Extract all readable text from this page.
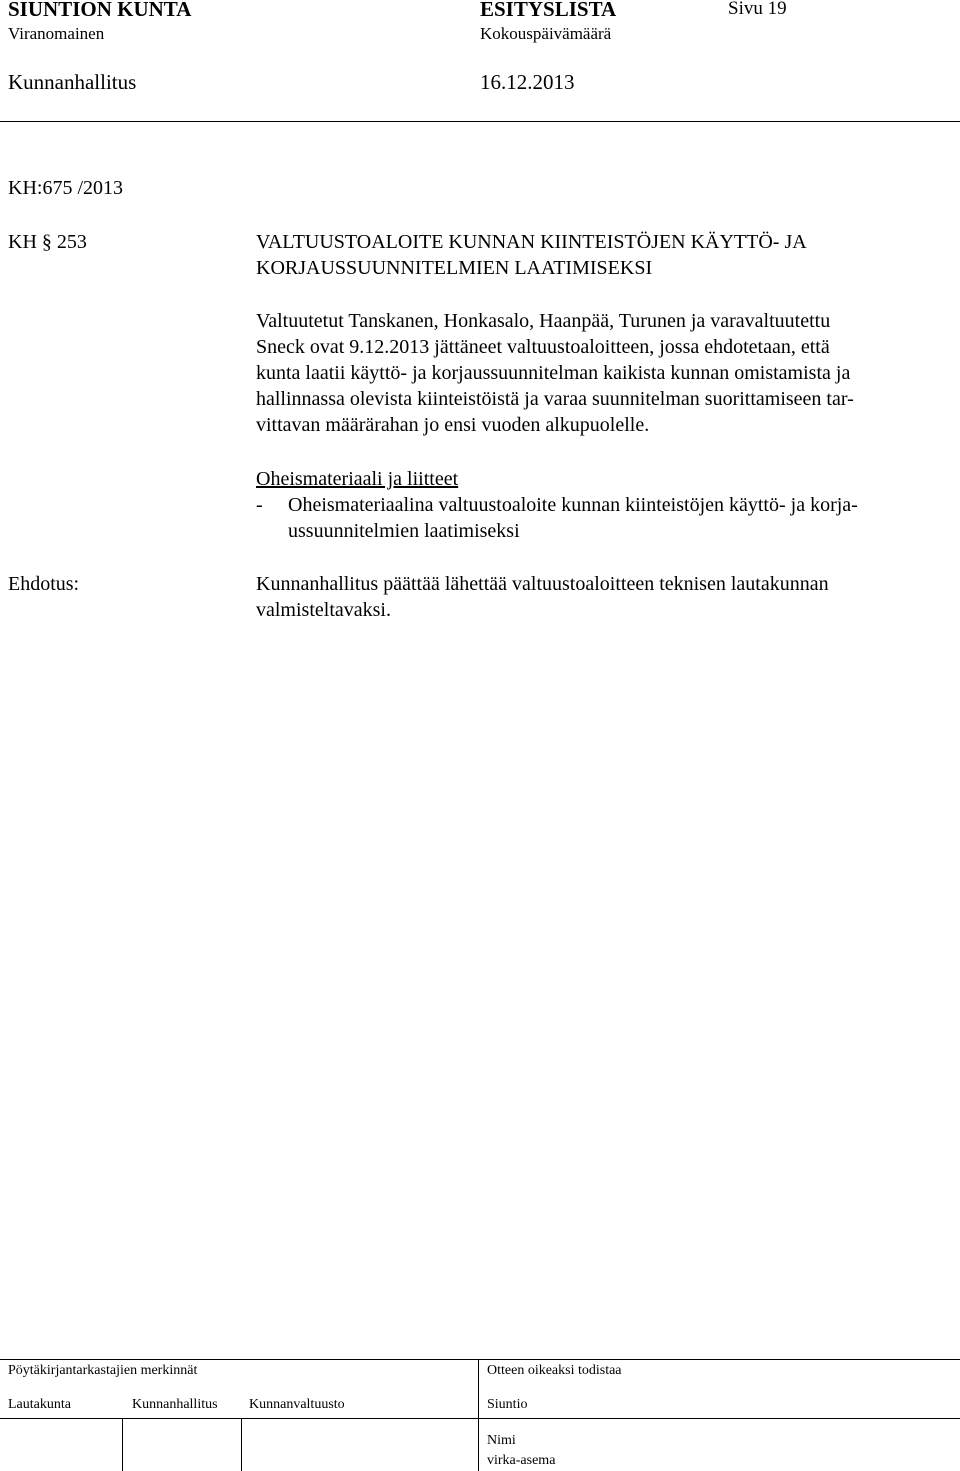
SIUNTION KUNTA	ESITYSLISTA	Sivu 19
Viranomainen	Kokouspäivämäärä
Kunnanhallitus	16.12.2013
KH:675 /2013
KH § 253	VALTUUSTOALOITE KUNNAN KIINTEISTÖJEN KÄYTTÖ- JA
KORJAUSSUUNNITELMIEN LAATIMISEKSI
Valtuutetut Tanskanen, Honkasalo, Haanpää, Turunen ja varavaltuutettu
Sneck ovat 9.12.2013 jättäneet valtuustoaloitteen, jossa ehdotetaan, että
kunta laatii käyttö- ja korjaussuunnitelman kaikista kunnan omistamista ja
hallinnassa olevista kiinteistöistä ja varaa suunnitelman suorittamiseen tar-
vittavan määrärahan jo ensi vuoden alkupuolelle.
Oheismateriaali ja liitteet
- Oheismateriaalina valtuustoaloite kunnan kiinteistöjen käyttö- ja korja-
ussuunnitelmien laatimiseksi
Ehdotus:	Kunnanhallitus päättää lähettää valtuustoaloitteen teknisen lautakunnan
valmisteltavaksi.
Pöytäkirjantarkastajien merkinnät	Otteen oikeaksi todistaa
Lautakunta	Kunnanhallitus Kunnanvaltuusto	Siuntio
Nimi
virka-asema
